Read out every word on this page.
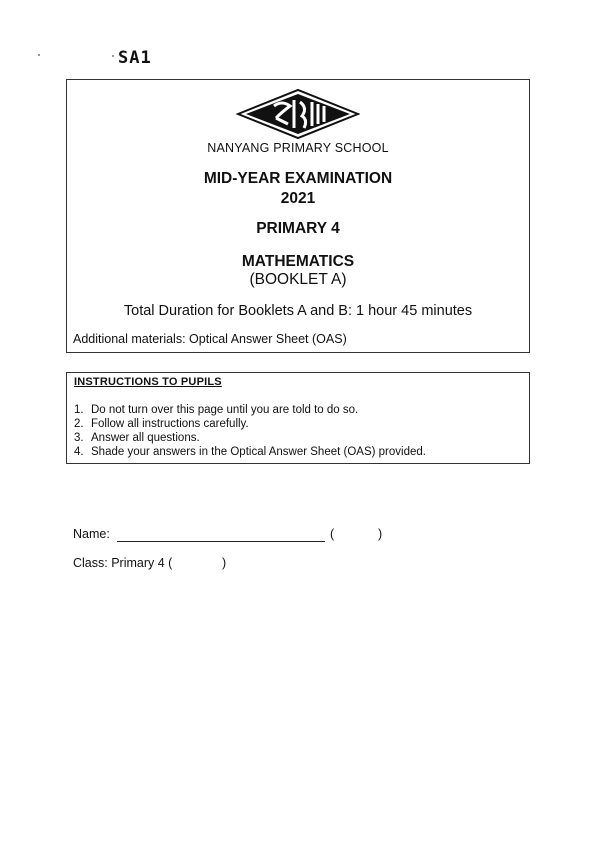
SA1
NANYANG PRIMARY SCHOOL
MID-YEAR EXAMINATION
2021
PRIMARY 4
MATHEMATICS
(BOOKLET A)
Total Duration for Booklets A and B: 1 hour 45 minutes
Additional materials: Optical Answer Sheet (OAS)
INSTRUCTIONS TO PUPILS
1. Do not turn over this page until you are told to do so.
2. Follow all instructions carefully.
3. Answer all questions.
4. Shade your answers in the Optical Answer Sheet (OAS) provided.
Name:	(	)
Class: Primary 4 (	)
